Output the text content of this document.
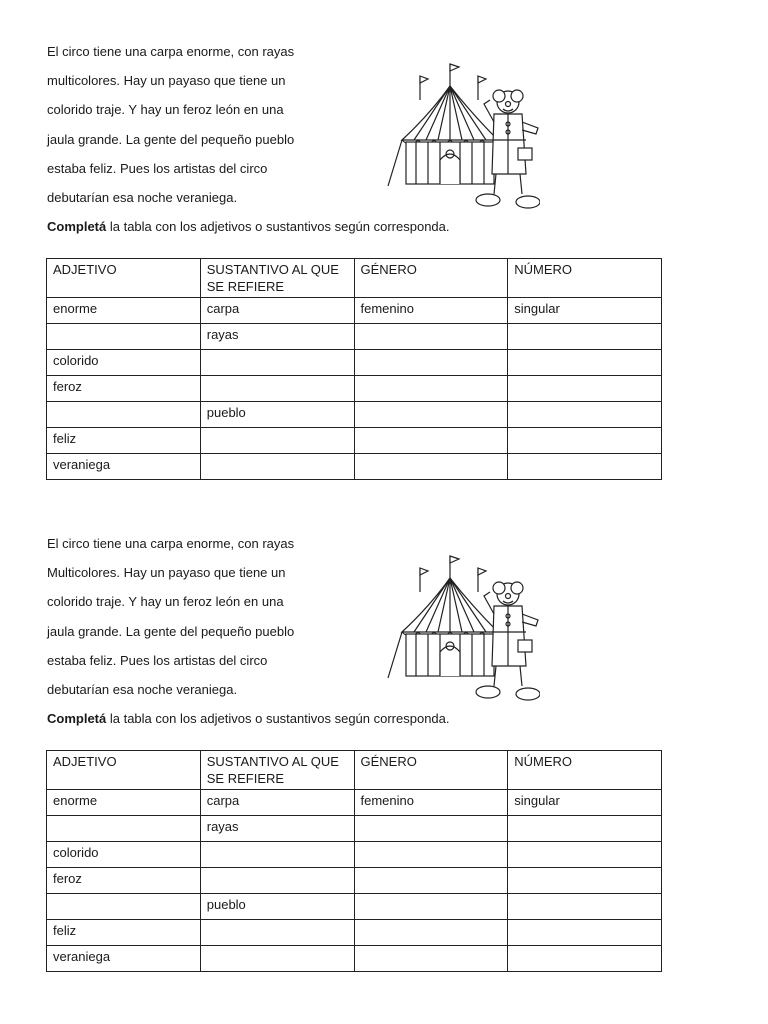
El circo tiene una carpa enorme, con rayas
multicolores. Hay un payaso que tiene un
colorido traje. Y hay un feroz león en una
jaula grande. La gente del pequeño pueblo
estaba feliz. Pues los artistas del circo
debutarían esa noche veraniega.

Completá la tabla con los adjetivos o sustantivos según corresponda.

ADJETIVO	SUSTANTIVO AL QUE SE REFIERE	GÉNERO	NÚMERO
enorme	carpa	femenino	singular
	rayas		
colorido			
feroz			
	pueblo		
feliz			
veraniega			

El circo tiene una carpa enorme, con rayas
Multicolores. Hay un payaso que tiene un
colorido traje. Y hay un feroz león en una
jaula grande. La gente del pequeño pueblo
estaba feliz. Pues los artistas del circo
debutarían esa noche veraniega.

Completá la tabla con los adjetivos o sustantivos según corresponda.

ADJETIVO	SUSTANTIVO AL QUE SE REFIERE	GÉNERO	NÚMERO
enorme	carpa	femenino	singular
	rayas		
colorido			
feroz			
	pueblo		
feliz			
veraniega			
